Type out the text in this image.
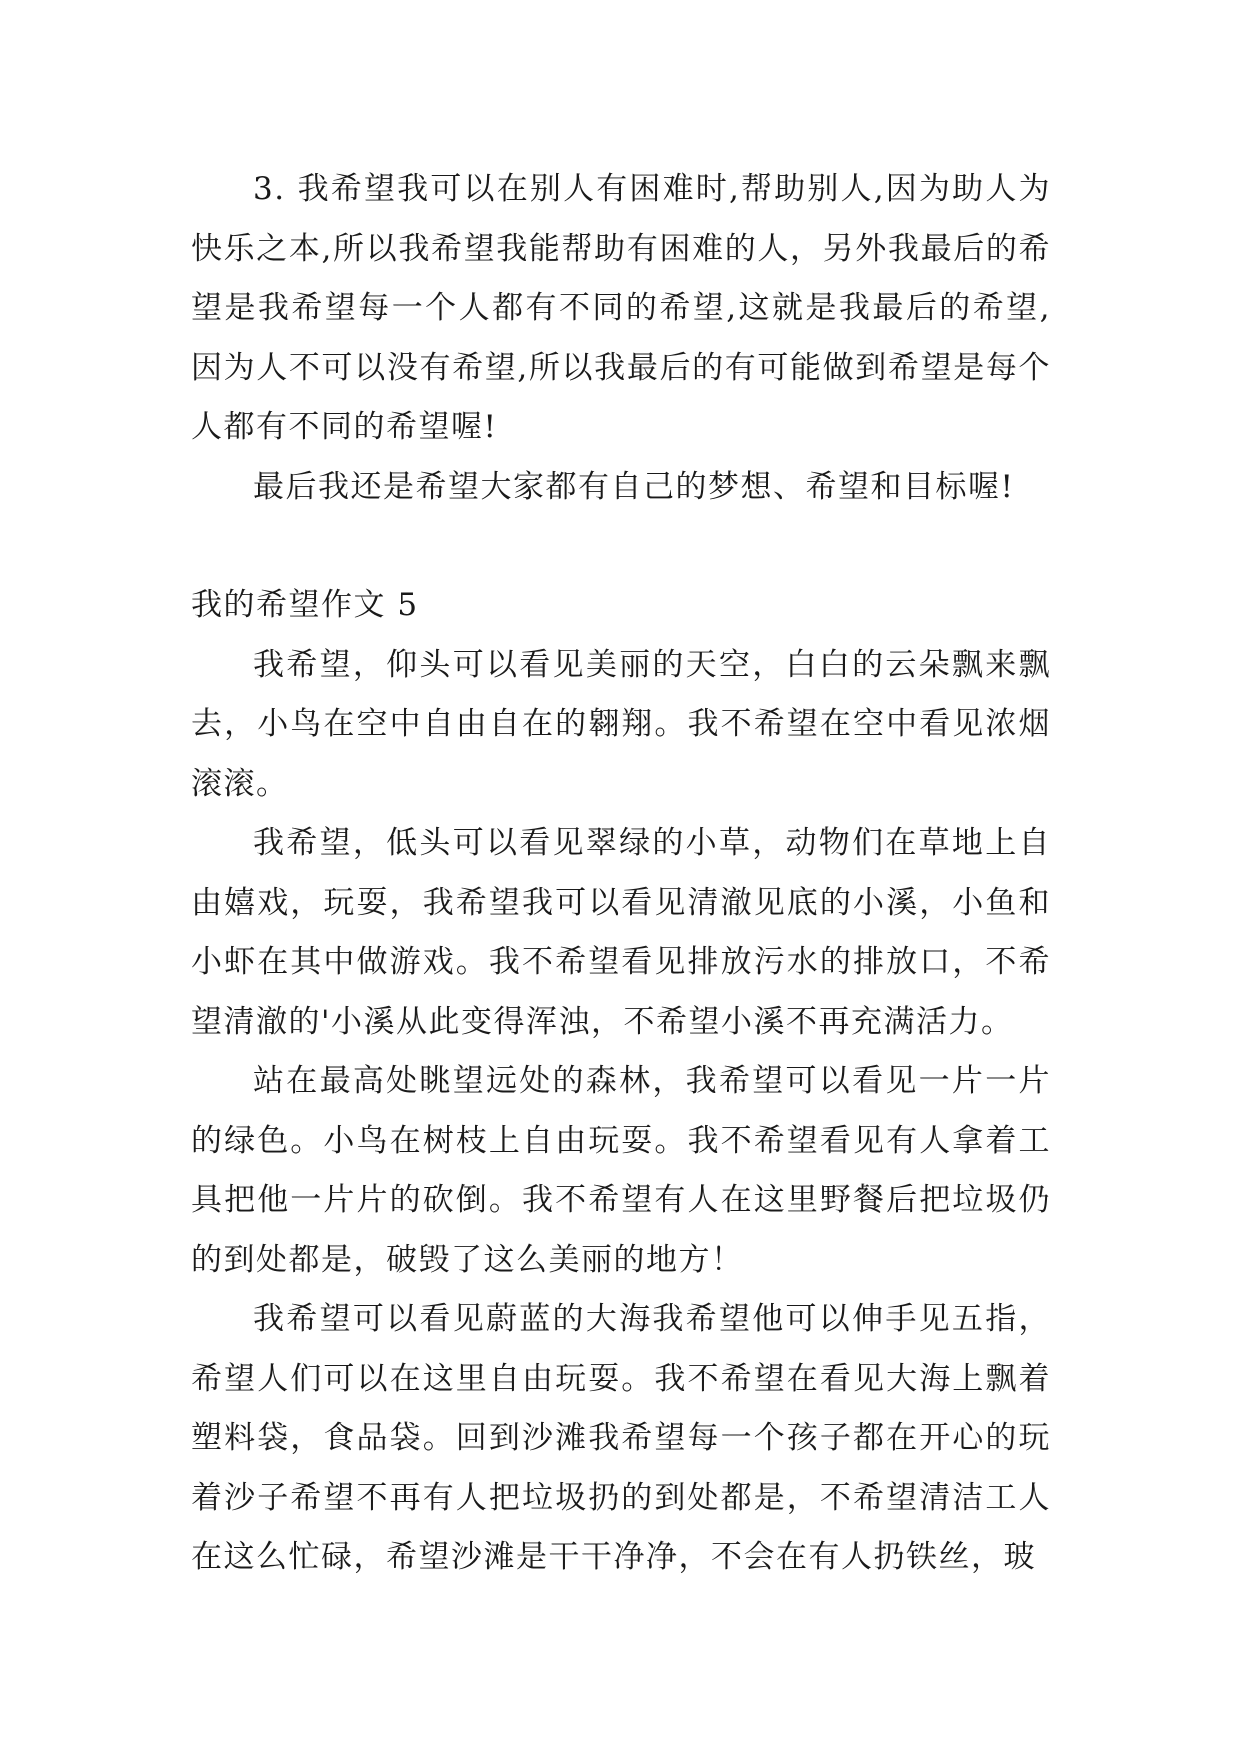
3. 我希望我可以在别人有困难时,帮助别人,因为助人为快乐之本,所以我希望我能帮助有困难的人，另外我最后的希望是我希望每一个人都有不同的希望,这就是我最后的希望,因为人不可以没有希望,所以我最后的有可能做到希望是每个人都有不同的希望喔!

最后我还是希望大家都有自己的梦想、希望和目标喔!

我的希望作文 5

我希望，仰头可以看见美丽的天空，白白的云朵飘来飘去，小鸟在空中自由自在的翱翔。我不希望在空中看见浓烟滚滚。

我希望，低头可以看见翠绿的小草，动物们在草地上自由嬉戏，玩耍，我希望我可以看见清澈见底的小溪，小鱼和小虾在其中做游戏。我不希望看见排放污水的排放口，不希望清澈的'小溪从此变得浑浊，不希望小溪不再充满活力。

站在最高处眺望远处的森林，我希望可以看见一片一片的绿色。小鸟在树枝上自由玩耍。我不希望看见有人拿着工具把他一片片的砍倒。我不希望有人在这里野餐后把垃圾仍的到处都是，破毁了这么美丽的地方！

我希望可以看见蔚蓝的大海我希望他可以伸手见五指，希望人们可以在这里自由玩耍。我不希望在看见大海上飘着塑料袋，食品袋。回到沙滩我希望每一个孩子都在开心的玩着沙子希望不再有人把垃圾扔的到处都是，不希望清洁工人在这么忙碌，希望沙滩是干干净净，不会在有人扔铁丝，玻
